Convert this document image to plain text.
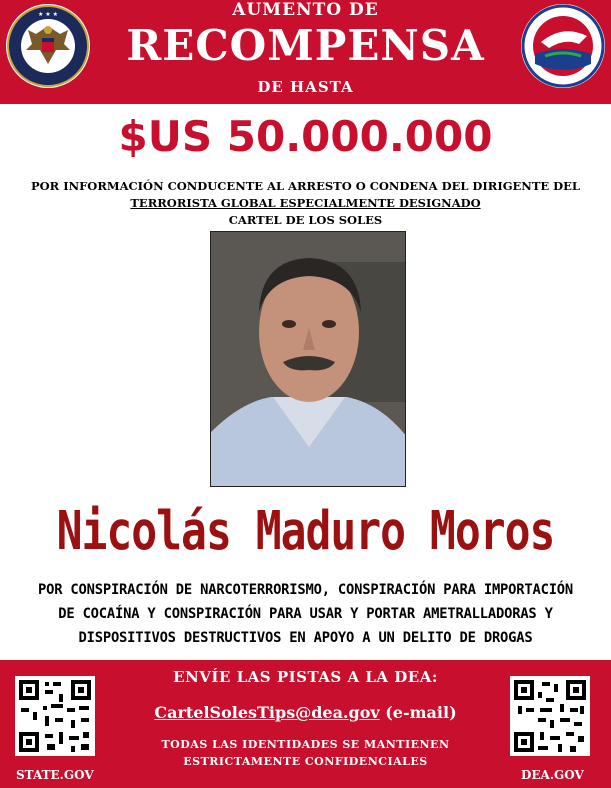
★ ★ ★	AUMENTO DE
RECOMPENSA
DE HASTA
$US 50.000.000
POR INFORMACIÓN CONDUCENTE AL ARRESTO O CONDENA DEL DIRIGENTE DEL
TERRORISTA GLOBAL ESPECIALMENTE DESIGNADO
CARTEL DE LOS SOLES
Nicolás Maduro Moros
POR CONSPIRACIÓN DE NARCOTERRORISMO, CONSPIRACIÓN PARA IMPORTACIÓN
DE COCAÍNA Y CONSPIRACIÓN PARA USAR Y PORTAR AMETRALLADORAS Y
DISPOSITIVOS DESTRUCTIVOS EN APOYO A UN DELITO DE DROGAS
STATE.GOV	DEA.GOV
ENVÍE LAS PISTAS A LA DEA:
CartelSolesTips@dea.gov (e-mail)
TODAS LAS IDENTIDADES SE MANTIENEN
ESTRICTAMENTE CONFIDENCIALES
